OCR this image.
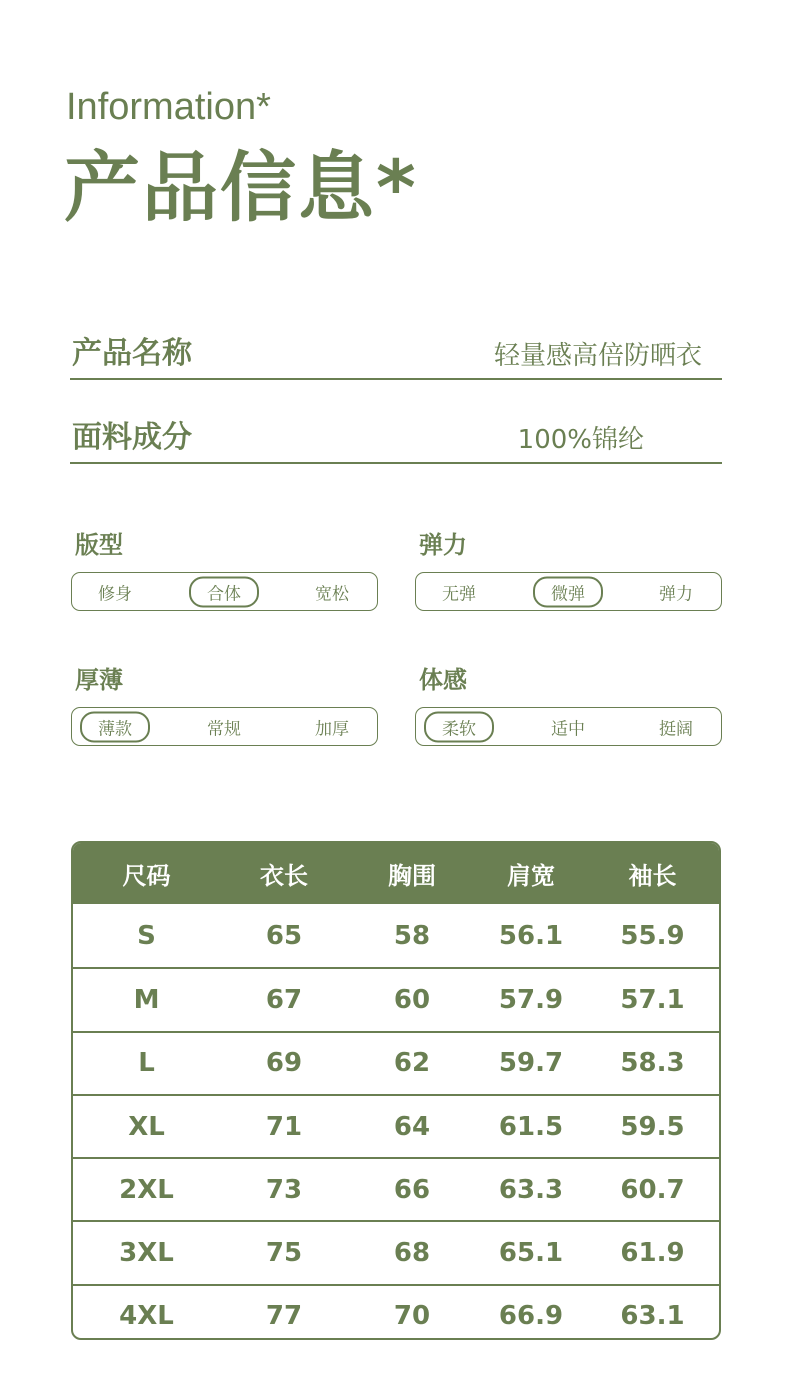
Information*
产品信息*
产品名称	轻量感高倍防晒衣
面料成分	100%锦纶
版型
修身	合体	宽松
弹力
无弹	微弹	弹力
厚薄
薄款	常规	加厚
体感
柔软	适中	挺阔
尺码	衣长	胸围	肩宽	袖长
S	65	58	56.1	55.9
M	67	60	57.9	57.1
L	69	62	59.7	58.3
XL	71	64	61.5	59.5
2XL	73	66	63.3	60.7
3XL	75	68	65.1	61.9
4XL	77	70	66.9	63.1
